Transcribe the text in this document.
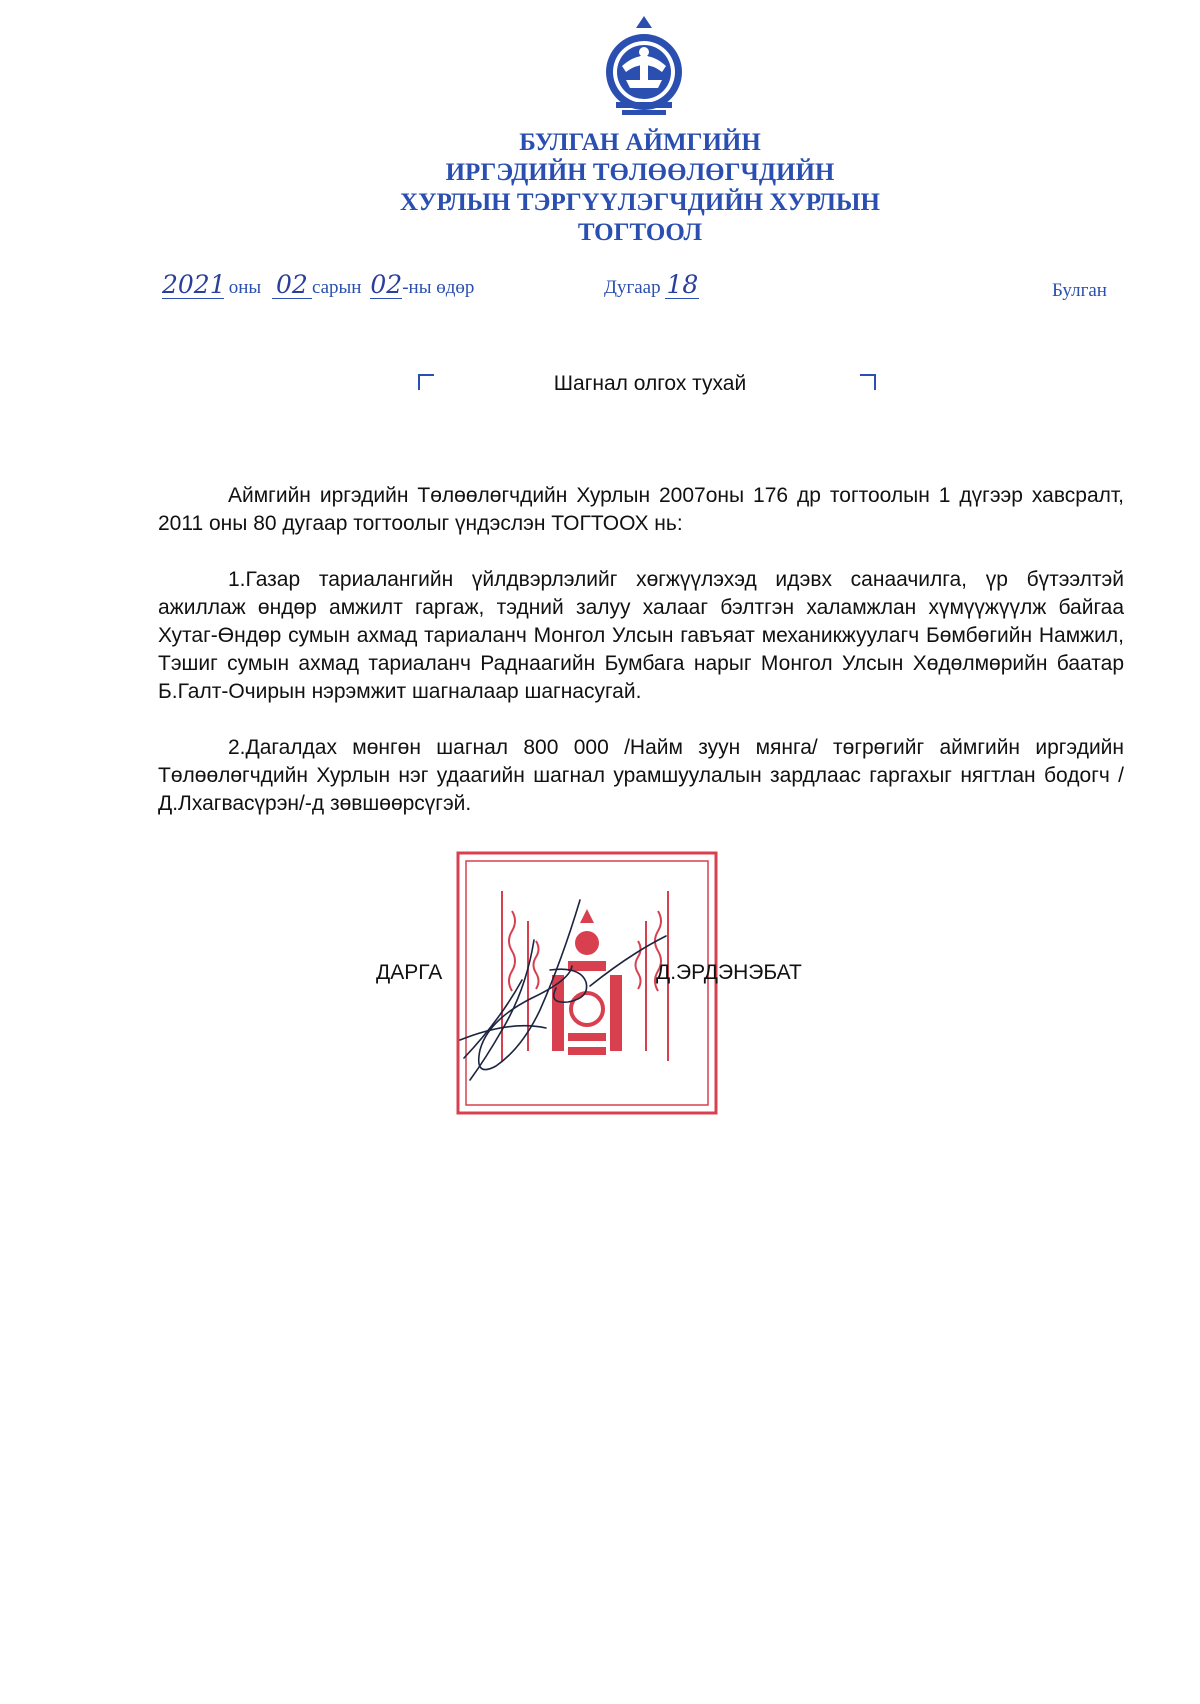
БУЛГАН АЙМГИЙН
ИРГЭДИЙН ТӨЛӨӨЛӨГЧДИЙН
ХУРЛЫН ТЭРГҮҮЛЭГЧДИЙН ХУРЛЫН
ТОГТООЛ
2021 оны 02 сарын 02-ны өдөр	Дугаар 18	Булган
Шагнал олгох тухай

Аймгийн иргэдийн Төлөөлөгчдийн Хурлын 2007оны 176 др тогтоолын 1 дүгээр хавсралт, 2011 оны 80 дугаар тогтоолыг үндэслэн ТОГТООХ нь:

1.Газар тариалангийн үйлдвэрлэлийг хөгжүүлэхэд идэвх санаачилга, үр бүтээлтэй ажиллаж өндөр амжилт гаргаж, тэдний залуу халааг бэлтгэн халамжлан хүмүүжүүлж байгаа Хутаг-Өндөр сумын ахмад тариаланч Монгол Улсын гавъяат механикжуулагч Бөмбөгийн Намжил, Тэшиг сумын ахмад тариаланч Раднаагийн Бумбага нарыг Монгол Улсын Хөдөлмөрийн баатар Б.Галт-Очирын нэрэмжит шагналаар шагнасугай.

2.Дагалдах мөнгөн шагнал 800 000 /Найм зуун мянга/ төгрөгийг аймгийн иргэдийн Төлөөлөгчдийн Хурлын нэг удаагийн шагнал урамшуулалын зардлаас гаргахыг нягтлан бодогч /Д.Лхагвасүрэн/-д зөвшөөрсүгэй.

ДАРГА	Д.ЭРДЭНЭБАТ
